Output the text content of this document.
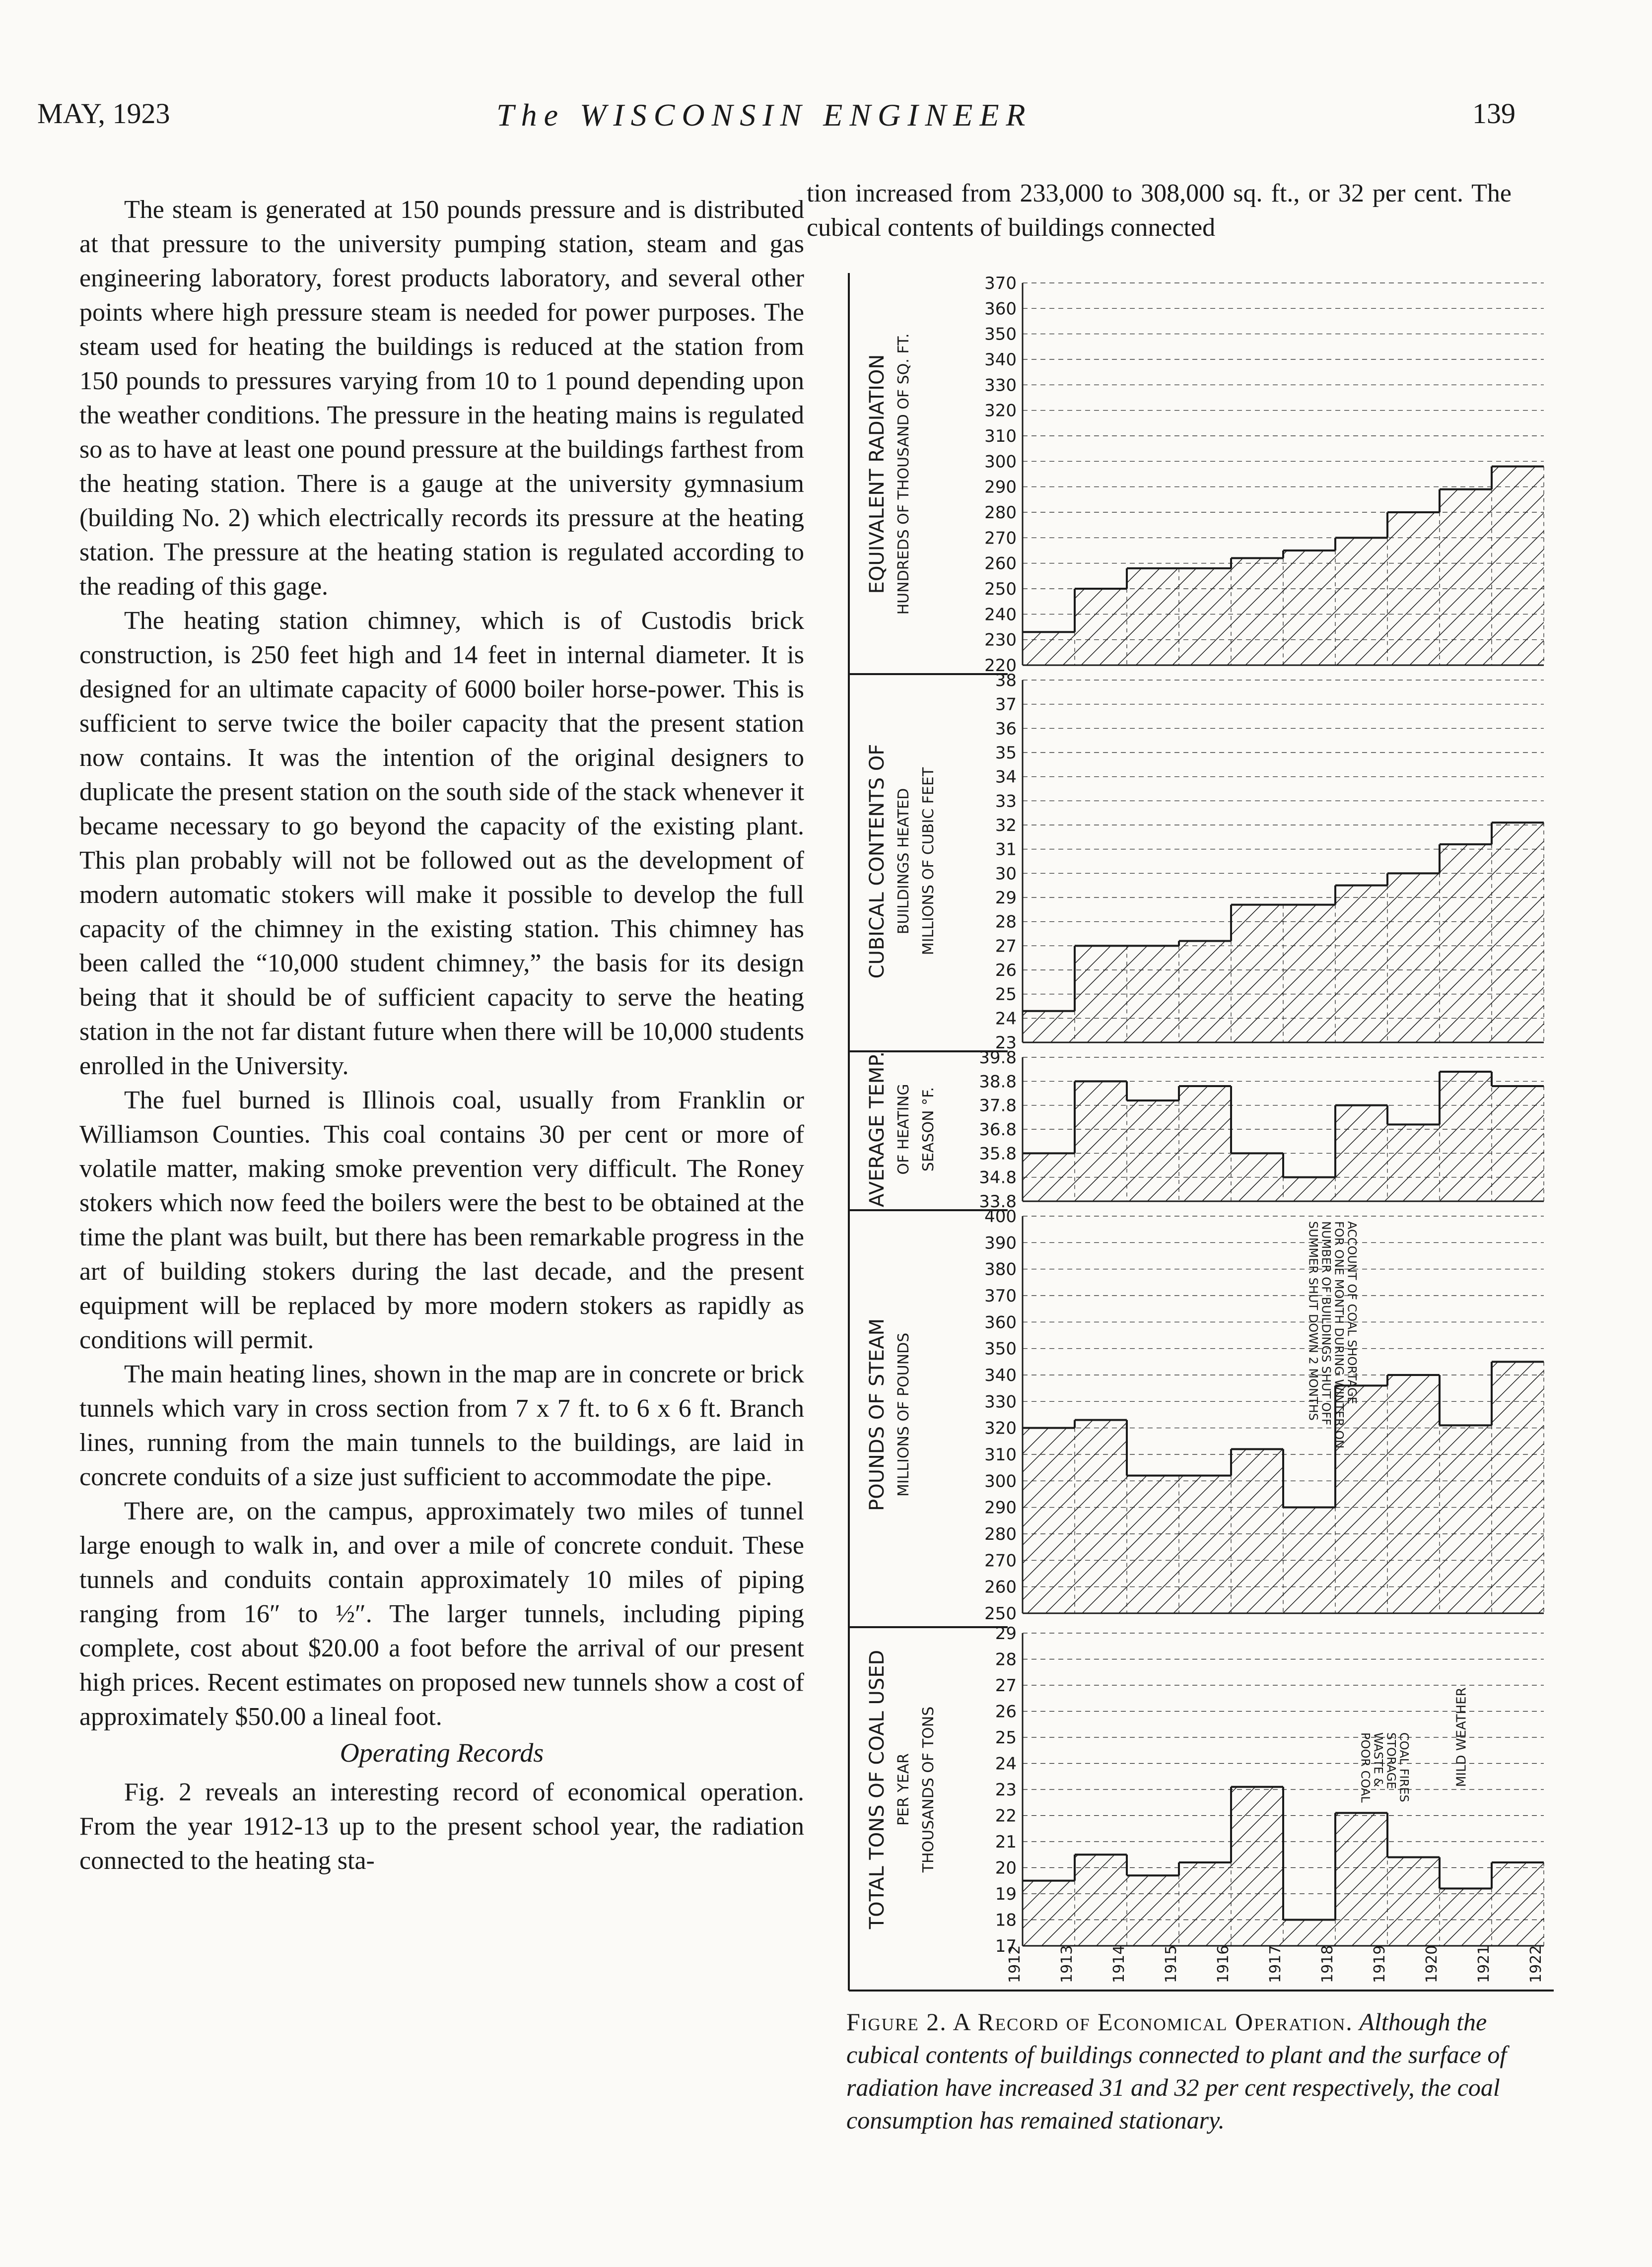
MAY, 1923	The WISCONSIN ENGINEER	139

The steam is generated at 150 pounds pressure and is distributed at that pressure to the university pumping station, steam and gas engineering laboratory, forest products laboratory, and several other points where high pressure steam is needed for power purposes. The steam used for heating the buildings is reduced at the station from 150 pounds to pressures varying from 10 to 1 pound depending upon the weather conditions. The pressure in the heating mains is regulated so as to have at least one pound pressure at the buildings farthest from the heating station. There is a gauge at the university gymnasium (building No. 2) which electrically records its pressure at the heating station. The pressure at the heating station is regulated according to the reading of this gage.

The heating station chimney, which is of Custodis brick construction, is 250 feet high and 14 feet in internal diameter. It is designed for an ultimate capacity of 6000 boiler horse-power. This is sufficient to serve twice the boiler capacity that the present station now contains. It was the intention of the original designers to duplicate the present station on the south side of the stack whenever it became necessary to go beyond the capacity of the existing plant. This plan probably will not be followed out as the development of modern automatic stokers will make it possible to develop the full capacity of the chimney in the existing station. This chimney has been called the “10,000 student chimney,” the basis for its design being that it should be of sufficient capacity to serve the heating station in the not far distant future when there will be 10,000 students enrolled in the University.

The fuel burned is Illinois coal, usually from Franklin or Williamson Counties. This coal contains 30 per cent or more of volatile matter, making smoke prevention very difficult. The Roney stokers which now feed the boilers were the best to be obtained at the time the plant was built, but there has been remarkable progress in the art of building stokers during the last decade, and the present equipment will be replaced by more modern stokers as rapidly as conditions will permit.

The main heating lines, shown in the map are in concrete or brick tunnels which vary in cross section from 7 x 7 ft. to 6 x 6 ft. Branch lines, running from the main tunnels to the buildings, are laid in concrete conduits of a size just sufficient to accommodate the pipe.

There are, on the campus, approximately two miles of tunnel large enough to walk in, and over a mile of concrete conduit. These tunnels and conduits contain approximately 10 miles of piping ranging from 16″ to ½″. The larger tunnels, including piping complete, cost about $20.00 a foot before the arrival of our present high prices. Recent estimates on proposed new tunnels show a cost of approximately $50.00 a lineal foot.

Operating Records

Fig. 2 reveals an interesting record of economical operation. From the year 1912-13 up to the present school year, the radiation connected to the heating sta-

tion increased from 233,000 to 308,000 sq. ft., or 32 per cent. The cubical contents of buildings connected

220
230
240
250
260
270
280
290
300
310
320
330
340
350
360
370
EQUIVALENT RADIATION HUNDREDS OF THOUSAND OF SQ. FT.
23
24
25
26
27
28
29
30
31
32
33
34
35
36
37
38
CUBICAL CONTENTS OF BUILDINGS HEATED MILLIONS OF CUBIC FEET
33.8
34.8
35.8
36.8
37.8
38.8
39.8
AVERAGE TEMP. OF HEATING SEASON °F.
250
260
270
280
290
300
310
320
330
340
350
360
370
380
390
400
POUNDS OF STEAM MILLIONS OF POUNDS	SUMMER SHUT DOWN 2 MONTHS
NUMBER OF BUILDINGS SHUT OFF
FOR ONE MONTH DURING WINTER ON
ACCOUNT OF COAL SHORTAGE
17
18
19
20
21
22
23
24
25
26
27
28
29
TOTAL TONS OF COAL USED PER YEAR THOUSANDS OF TONS	POOR COAL
WASTE &
STORAGE
COAL FIRES	MILD WEATHER
1912 1913 1914 1915 1916 1917 1918 1919 1920 1921 1922
Figure 2. A Record of Economical Operation. Although the cubical contents of buildings connected to plant and the surface of radiation have increased 31 and 32 per cent respectively, the coal consumption has remained stationary.
